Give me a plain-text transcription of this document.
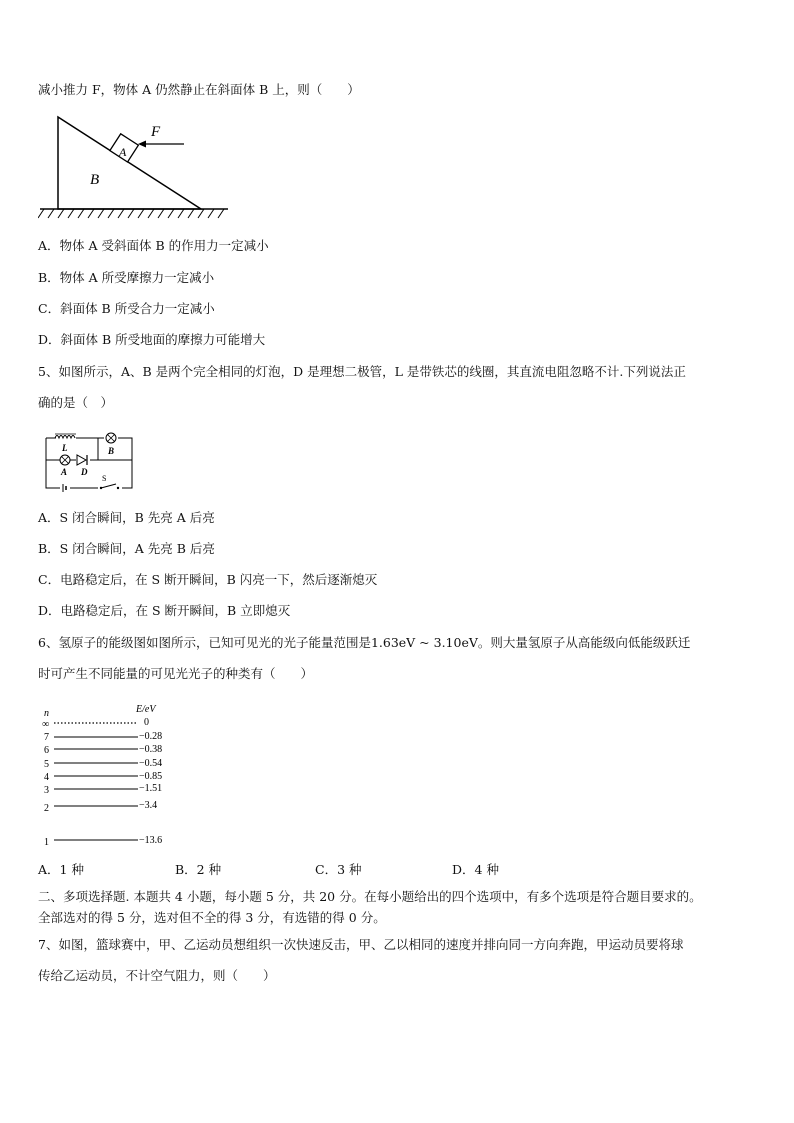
减小推力 F，物体 A 仍然静止在斜面体 B 上，则（　　）
F
A
B
A．物体 A 受斜面体 B 的作用力一定减小
B．物体 A 所受摩擦力一定减小
C．斜面体 B 所受合力一定减小
D．斜面体 B 所受地面的摩擦力可能增大
5、如图所示，A、B 是两个完全相同的灯泡，D 是理想二极管，L 是带铁芯的线圈，其直流电阻忽略不计.下列说法正
确的是（　）
L	B
A D
S
A．S 闭合瞬间，B 先亮 A 后亮
B．S 闭合瞬间，A 先亮 B 后亮
C．电路稳定后，在 S 断开瞬间，B 闪亮一下，然后逐渐熄灭
D．电路稳定后，在 S 断开瞬间，B 立即熄灭
6、氢原子的能级图如图所示，已知可见光的光子能量范围是1.63eV ~ 3.10eV。则大量氢原子从高能级向低能级跃迁
时可产生不同能量的可见光光子的种类有（　　）
n	E/eV
∞	0
7	−0.28
6	−0.38
5	−0.54
4	−0.85
3	−1.51
2	−3.4
1	−13.6
A．1 种	B．2 种	C．3 种	D．4 种
二、多项选择题. 本题共 4 小题，每小题 5 分，共 20 分。在每小题给出的四个选项中，有多个选项是符合题目要求的。
全部选对的得 5 分，选对但不全的得 3 分，有选错的得 0 分。
7、如图，篮球赛中，甲、乙运动员想组织一次快速反击，甲、乙以相同的速度并排向同一方向奔跑，甲运动员要将球
传给乙运动员，不计空气阻力，则（　　）
